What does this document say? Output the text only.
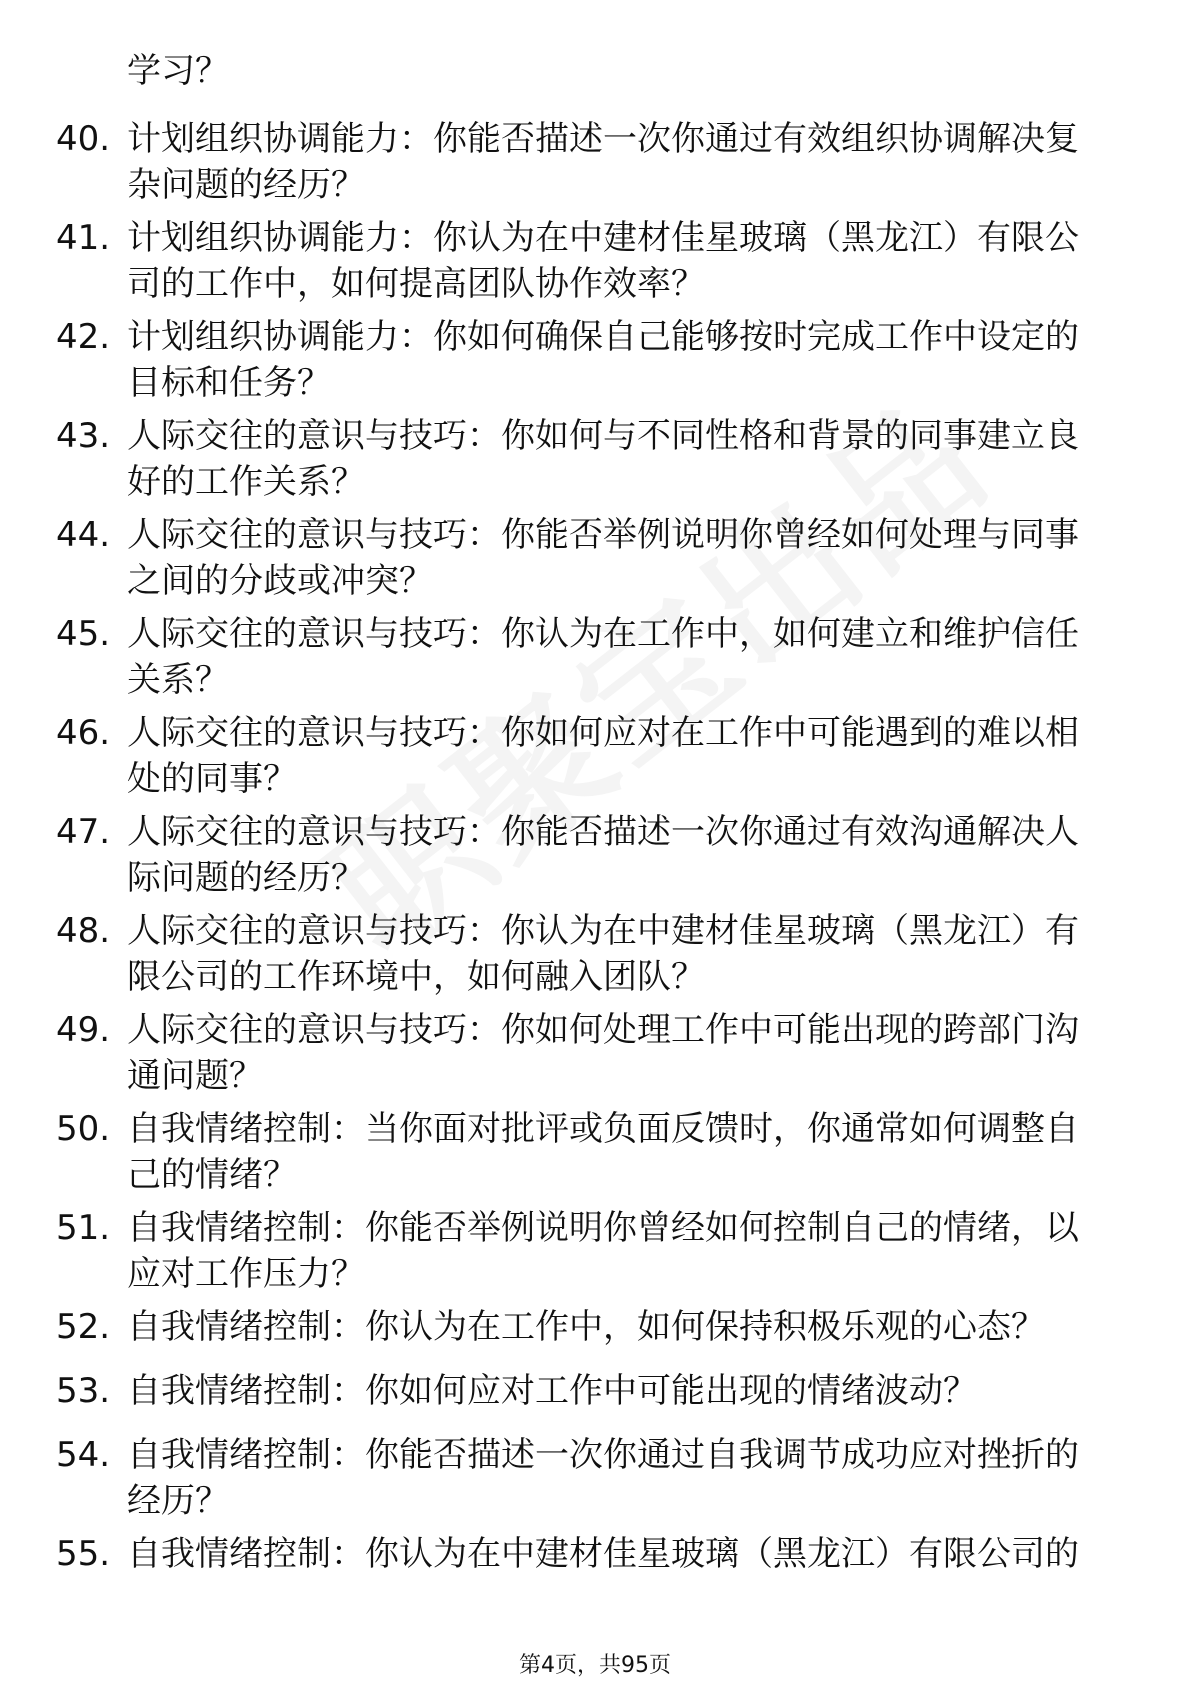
学习？
40. 计划组织协调能力：你能否描述一次你通过有效组织协调解决复杂问题的经历？
41. 计划组织协调能力：你认为在中建材佳星玻璃（黑龙江）有限公司的工作中，如何提高团队协作效率？
42. 计划组织协调能力：你如何确保自己能够按时完成工作中设定的目标和任务？
43. 人际交往的意识与技巧：你如何与不同性格和背景的同事建立良好的工作关系？
44. 人际交往的意识与技巧：你能否举例说明你曾经如何处理与同事之间的分歧或冲突？
45. 人际交往的意识与技巧：你认为在工作中，如何建立和维护信任关系？
46. 人际交往的意识与技巧：你如何应对在工作中可能遇到的难以相处的同事？
47. 人际交往的意识与技巧：你能否描述一次你通过有效沟通解决人际问题的经历？
48. 人际交往的意识与技巧：你认为在中建材佳星玻璃（黑龙江）有限公司的工作环境中，如何融入团队？
49. 人际交往的意识与技巧：你如何处理工作中可能出现的跨部门沟通问题？
50. 自我情绪控制：当你面对批评或负面反馈时，你通常如何调整自己的情绪？
51. 自我情绪控制：你能否举例说明你曾经如何控制自己的情绪，以应对工作压力？
52. 自我情绪控制：你认为在工作中，如何保持积极乐观的心态？
53. 自我情绪控制：你如何应对工作中可能出现的情绪波动？
54. 自我情绪控制：你能否描述一次你通过自我调节成功应对挫折的经历？
55. 自我情绪控制：你认为在中建材佳星玻璃（黑龙江）有限公司的
第4页，共95页
